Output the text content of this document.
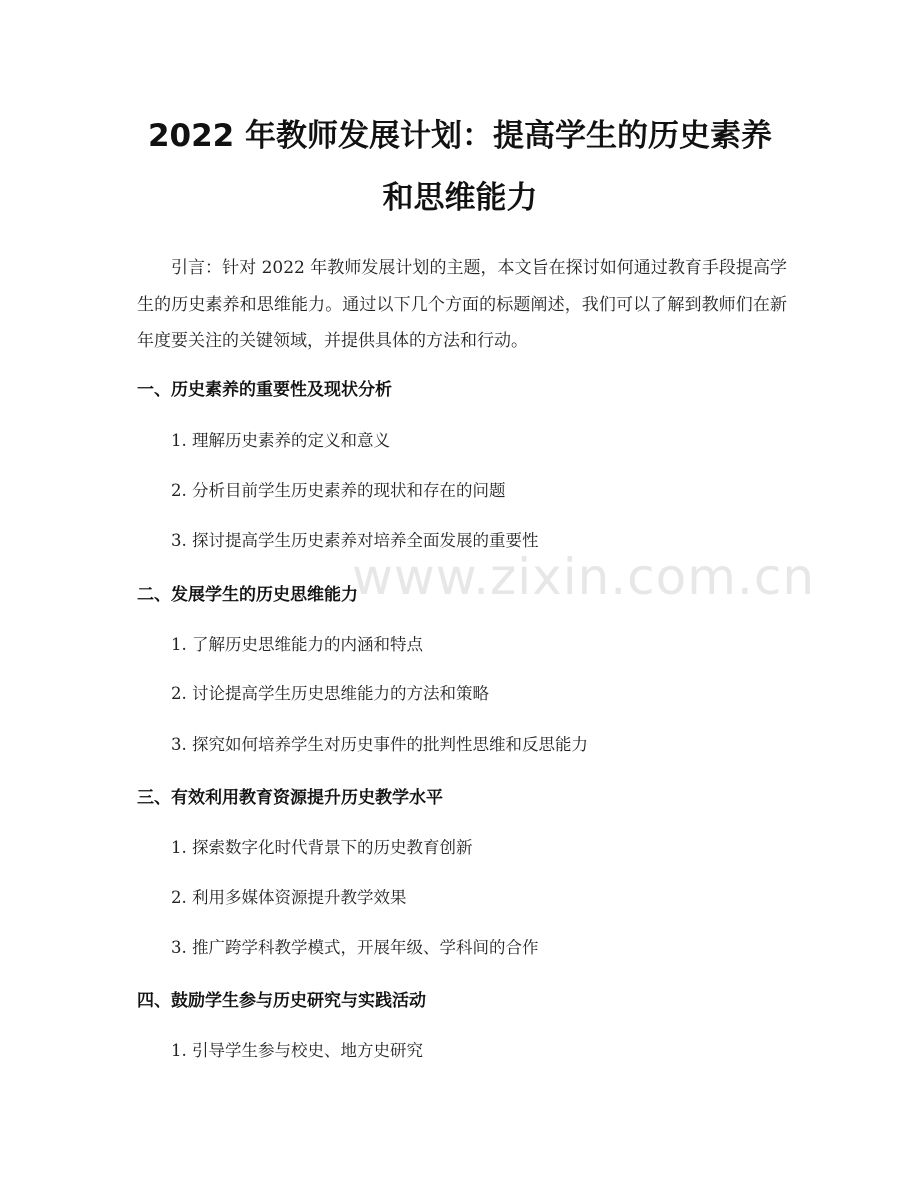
2022 年教师发展计划：提高学生的历史素养
和思维能力

引言：针对 2022 年教师发展计划的主题，本文旨在探讨如何通过教育手段提高学生的历史素养和思维能力。通过以下几个方面的标题阐述，我们可以了解到教师们在新年度要关注的关键领域，并提供具体的方法和行动。

一、历史素养的重要性及现状分析

1. 理解历史素养的定义和意义

2. 分析目前学生历史素养的现状和存在的问题

3. 探讨提高学生历史素养对培养全面发展的重要性

二、发展学生的历史思维能力

1. 了解历史思维能力的内涵和特点

2. 讨论提高学生历史思维能力的方法和策略

3. 探究如何培养学生对历史事件的批判性思维和反思能力

三、有效利用教育资源提升历史教学水平

1. 探索数字化时代背景下的历史教育创新

2. 利用多媒体资源提升教学效果

3. 推广跨学科教学模式，开展年级、学科间的合作

四、鼓励学生参与历史研究与实践活动

1. 引导学生参与校史、地方史研究

www.zixin.com.cn
